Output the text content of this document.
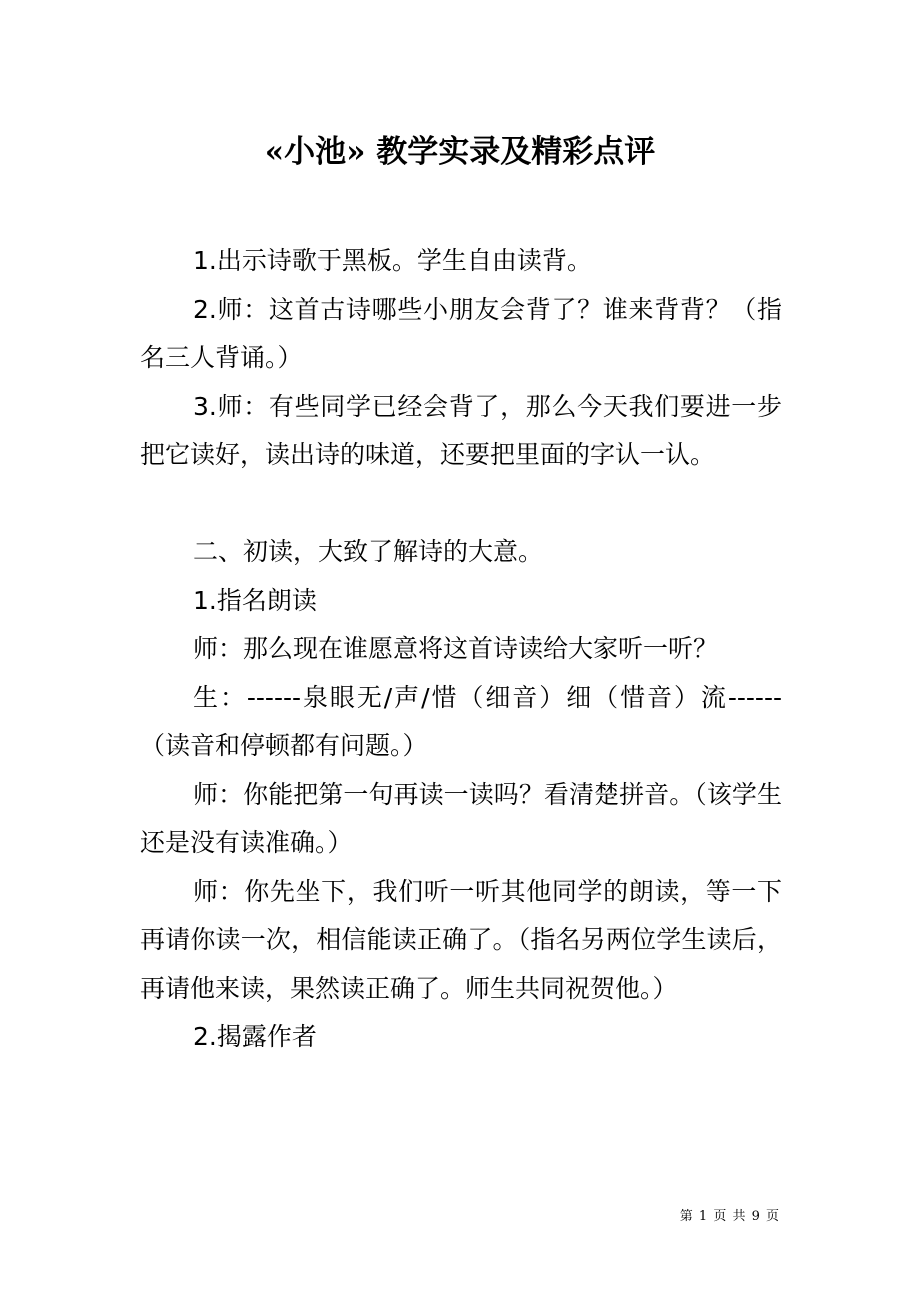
«小池» 教学实录及精彩点评

1.出示诗歌于黑板。学生自由读背。

2.师：这首古诗哪些小朋友会背了？谁来背背？（指名三人背诵。）

3.师：有些同学已经会背了，那么今天我们要进一步把它读好，读出诗的味道，还要把里面的字认一认。

二、初读，大致了解诗的大意。

1.指名朗读

师：那么现在谁愿意将这首诗读给大家听一听？

生：------泉眼无/声/惜（细音）细（惜音）流------（读音和停顿都有问题。）

师：你能把第一句再读一读吗？看清楚拼音。（该学生还是没有读准确。）

师：你先坐下，我们听一听其他同学的朗读，等一下再请你读一次，相信能读正确了。（指名另两位学生读后，再请他来读，果然读正确了。师生共同祝贺他。）

2.揭露作者

第 1 页 共 9 页
